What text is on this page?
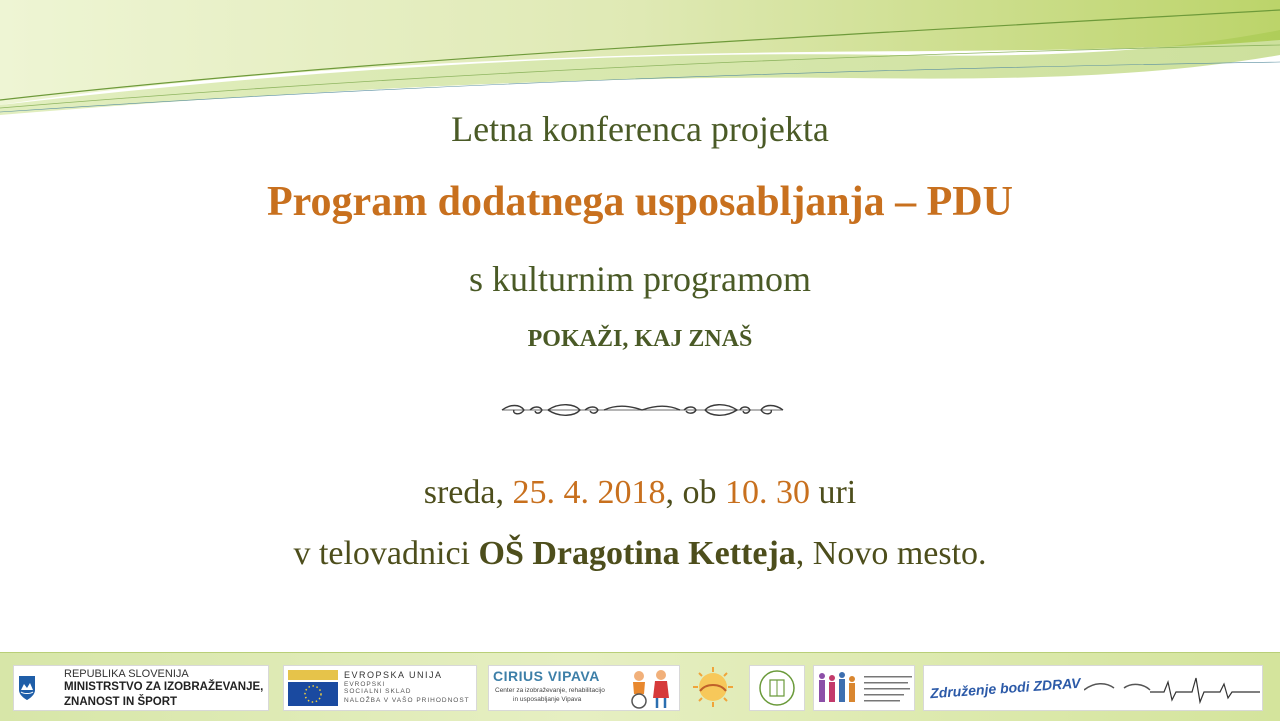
Letna konferenca projekta
Program dodatnega usposabljanja – PDU
s kulturnim programom
POKAŽI, KAJ ZNAŠ
sreda, 25. 4. 2018, ob 10. 30 uri
v telovadnici OŠ Dragotina Ketteja, Novo mesto.
REPUBLIKA SLOVENIJA
MINISTRSTVO ZA IZOBRAŽEVANJE,
ZNANOST IN ŠPORT
EVROPSKA UNIJA
EVROPSKI
SOCIALNI SKLAD
NALOŽBA V VAŠO PRIHODNOST
CIRIUS VIPAVA
Center za izobraževanje, rehabilitacijo
in usposabljanje Vipava	Združenje bodi ZDRAV
